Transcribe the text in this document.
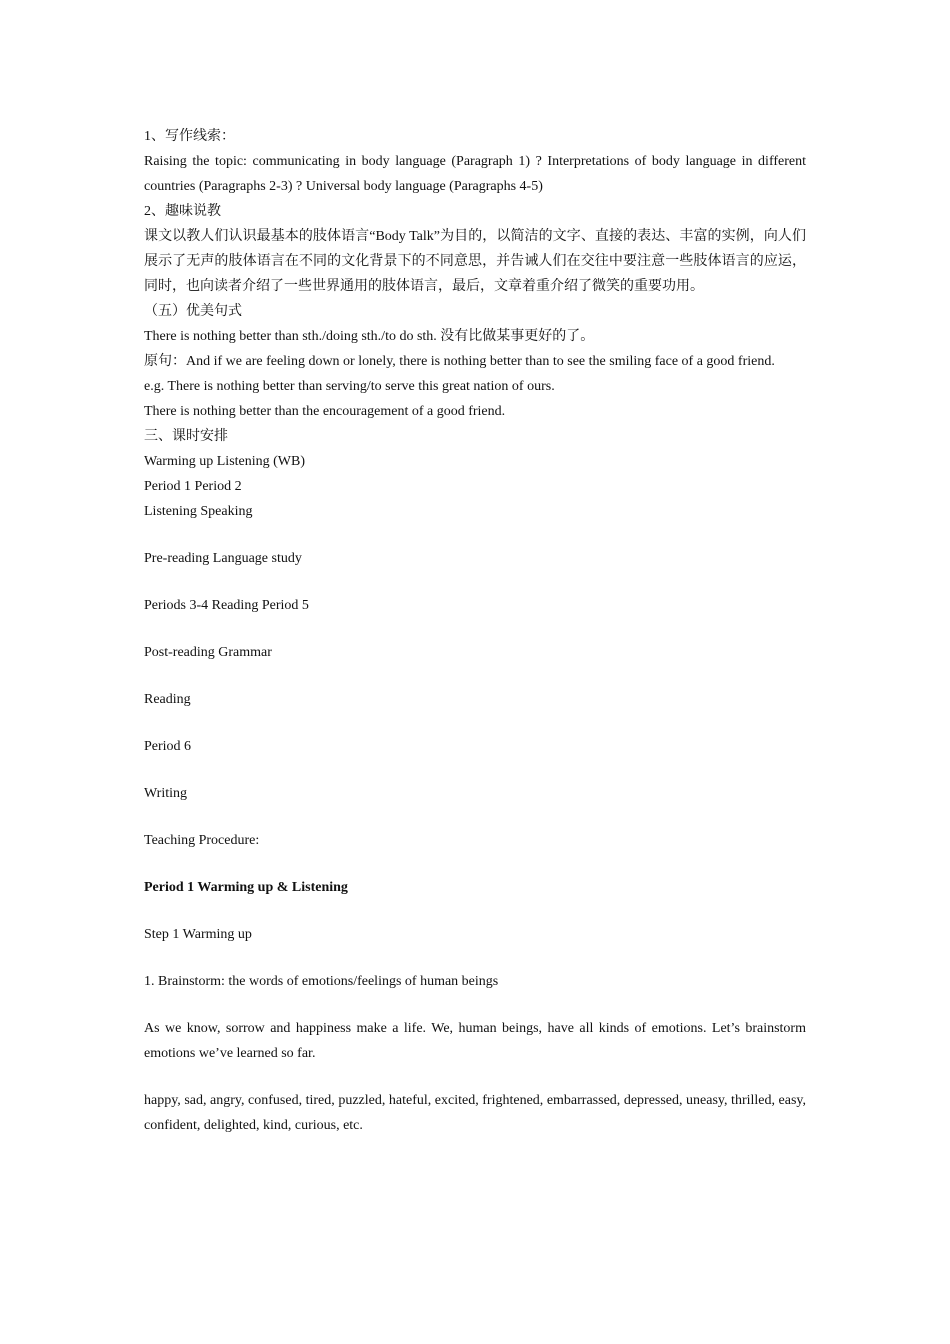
1、写作线索：
Raising the topic: communicating in body language (Paragraph 1) ? Interpretations of body language in different countries (Paragraphs 2-3) ? Universal body language (Paragraphs 4-5)
2、趣味说教
课文以教人们认识最基本的肢体语言“Body Talk”为目的，以简洁的文字、直接的表达、丰富的实例，向人们展示了无声的肢体语言在不同的文化背景下的不同意思，并告诫人们在交往中要注意一些肢体语言的应运，同时，也向读者介绍了一些世界通用的肢体语言，最后，文章着重介绍了微笑的重要功用。
（五）优美句式
There is nothing better than sth./doing sth./to do sth. 没有比做某事更好的了。
原句：And if we are feeling down or lonely, there is nothing better than to see the smiling face of a good friend.
e.g. There is nothing better than serving/to serve this great nation of ours.
There is nothing better than the encouragement of a good friend.
三、课时安排
Warming up Listening (WB)
Period 1 Period 2
Listening Speaking
Pre-reading Language study
Periods 3-4 Reading Period 5
Post-reading Grammar
Reading
Period 6
Writing
Teaching Procedure:
Period 1 Warming up & Listening
Step 1 Warming up
1. Brainstorm: the words of emotions/feelings of human beings
As we know, sorrow and happiness make a life. We, human beings, have all kinds of emotions. Let’s brainstorm emotions we’ve learned so far.
happy, sad, angry, confused, tired, puzzled, hateful, excited, frightened, embarrassed, depressed, uneasy, thrilled, easy, confident, delighted, kind, curious, etc.
